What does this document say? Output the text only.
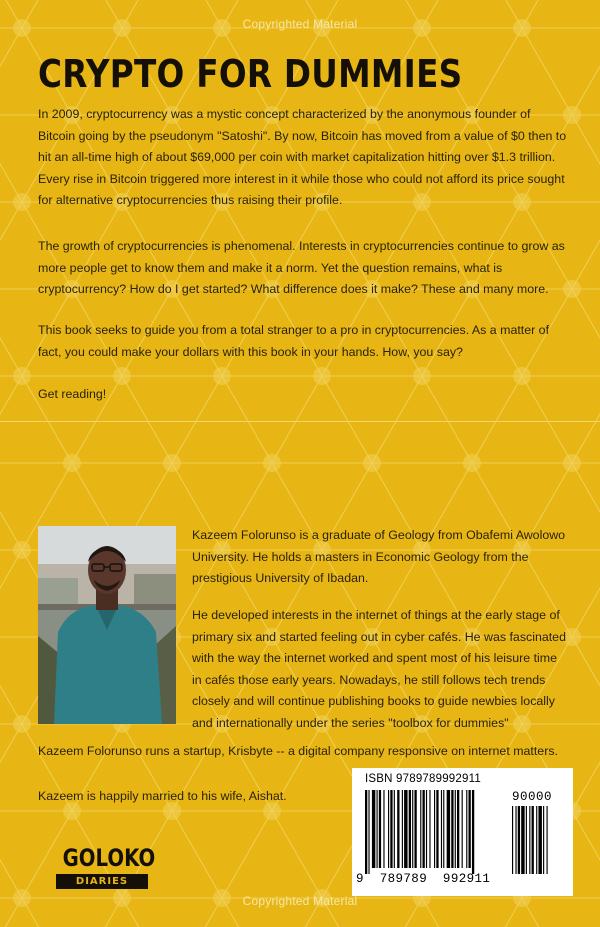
Copyrighted Material
CRYPTO FOR DUMMIES

In 2009, cryptocurrency was a mystic concept characterized by the anonymous founder of Bitcoin going by the pseudonym "Satoshi". By now, Bitcoin has moved from a value of $0 then to hit an all-time high of about $69,000 per coin with market capitalization hitting over $1.3 trillion. Every rise in Bitcoin triggered more interest in it while those who could not afford its price sought for alternative cryptocurrencies thus raising their profile.

The growth of cryptocurrencies is phenomenal. Interests in cryptocurrencies continue to grow as more people get to know them and make it a norm. Yet the question remains, what is cryptocurrency? How do I get started? What difference does it make? These and many more.

This book seeks to guide you from a total stranger to a pro in cryptocurrencies. As a matter of fact, you could make your dollars with this book in your hands. How, you say?

Get reading!

Kazeem Folorunso is a graduate of Geology from Obafemi Awolowo University. He holds a masters in Economic Geology from the prestigious University of Ibadan.

He developed interests in the internet of things at the early stage of primary six and started feeling out in cyber cafés. He was fascinated with the way the internet worked and spent most of his leisure time in cafés those early years. Nowadays, he still follows tech trends closely and will continue publishing books to guide newbies locally and internationally under the series "toolbox for dummies"

Kazeem Folorunso runs a startup, Krisbyte -- a digital company responsive on internet matters.

Kazeem is happily married to his wife, Aishat.

GOLOKO
DIARIES
ISBN 9789789992911
90000
9  789789  992911
Copyrighted Material
